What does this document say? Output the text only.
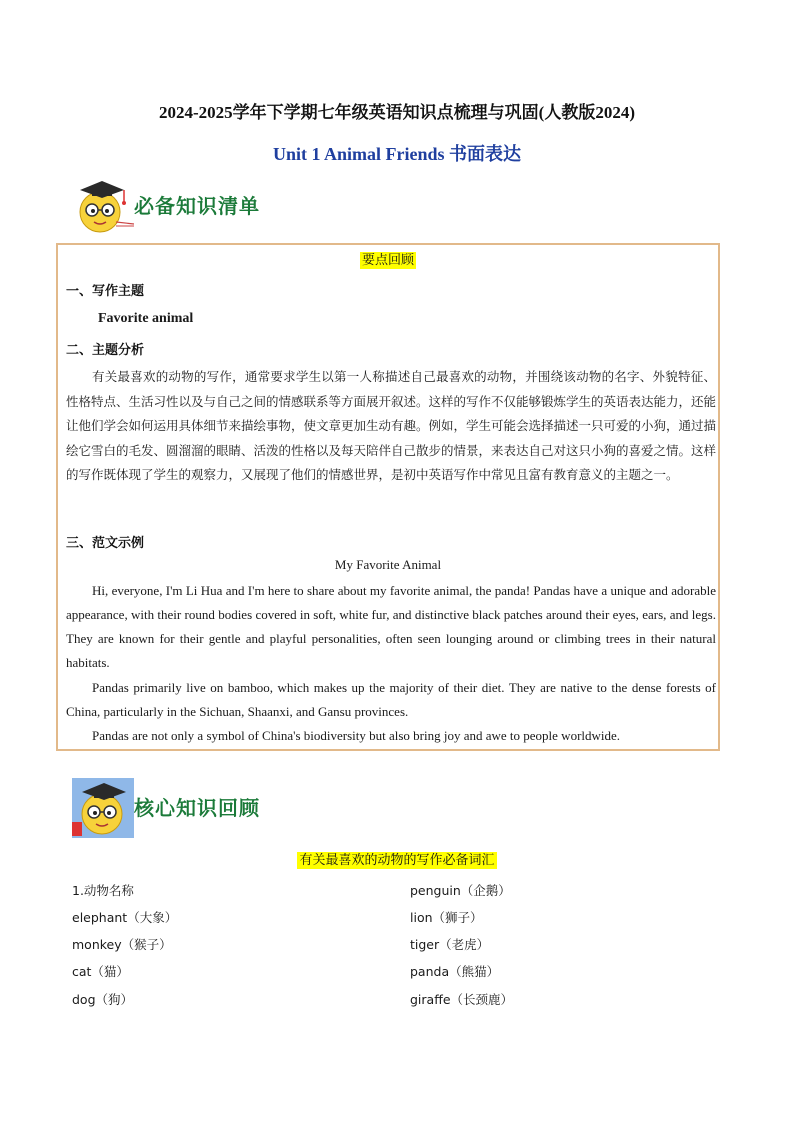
2024-2025学年下学期七年级英语知识点梳理与巩固(人教版2024)
Unit 1 Animal Friends 书面表达
必备知识清单
要点回顾
一、写作主题
Favorite animal
二、主题分析
有关最喜欢的动物的写作，通常要求学生以第一人称描述自己最喜欢的动物，并围绕该动物的名字、外貌特征、性格特点、生活习性以及与自己之间的情感联系等方面展开叙述。这样的写作不仅能够锻炼学生的英语表达能力，还能让他们学会如何运用具体细节来描绘事物，使文章更加生动有趣。例如，学生可能会选择描述一只可爱的小狗，通过描绘它雪白的毛发、圆溜溜的眼睛、活泼的性格以及每天陪伴自己散步的情景，来表达自己对这只小狗的喜爱之情。这样的写作既体现了学生的观察力，又展现了他们的情感世界，是初中英语写作中常见且富有教育意义的主题之一。
三、范文示例
My Favorite Animal
Hi, everyone, I'm Li Hua and I'm here to share about my favorite animal, the panda! Pandas have a unique and adorable appearance, with their round bodies covered in soft, white fur, and distinctive black patches around their eyes, ears, and legs. They are known for their gentle and playful personalities, often seen lounging around or climbing trees in their natural habitats.
Pandas primarily live on bamboo, which makes up the majority of their diet. They are native to the dense forests of China, particularly in the Sichuan, Shaanxi, and Gansu provinces.
Pandas are not only a symbol of China's biodiversity but also bring joy and awe to people worldwide.
核心知识回顾
有关最喜欢的动物的写作必备词汇
1.动物名称
elephant（大象）
monkey（猴子）
cat（猫）
dog（狗）
penguin（企鹅）
lion（狮子）
tiger（老虎）
panda（熊猫）
giraffe（长颈鹿）
